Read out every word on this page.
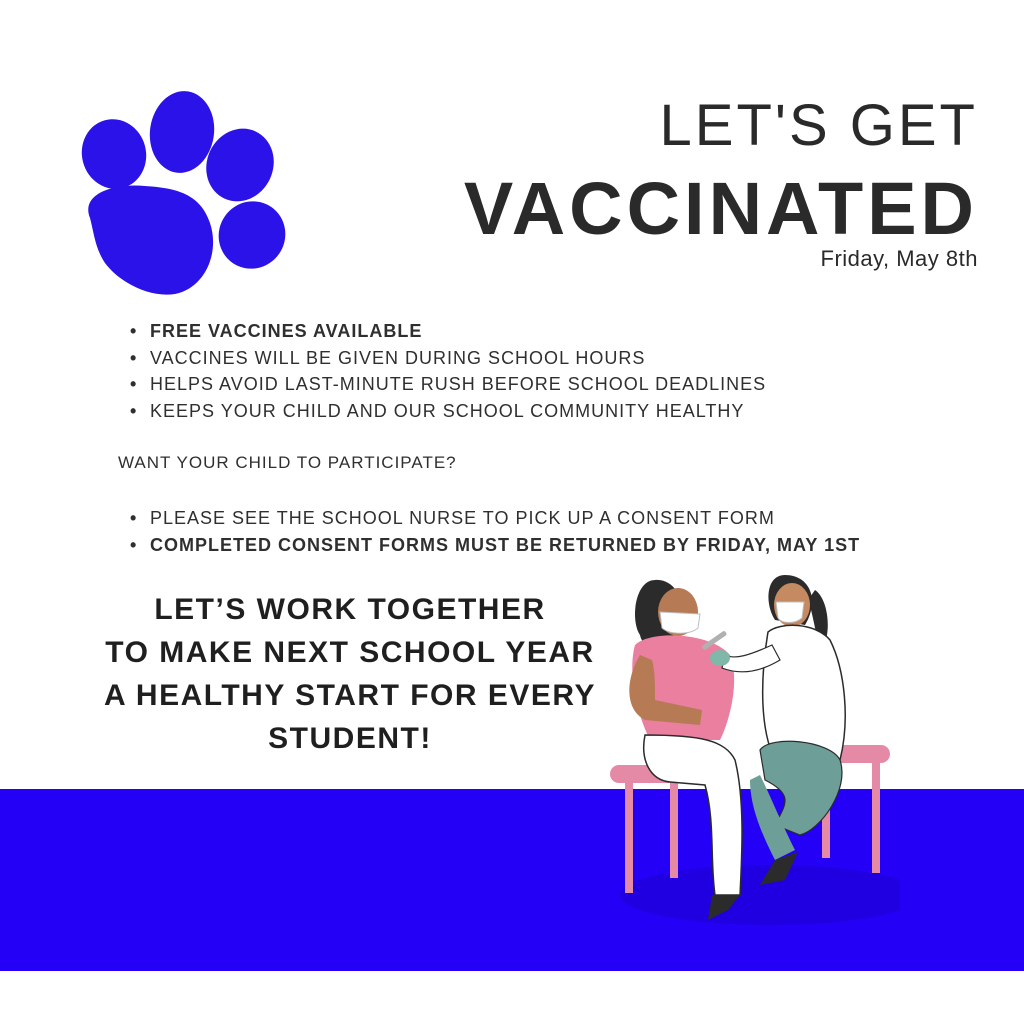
LET'S GET
VACCINATED
Friday, May 8th
• FREE VACCINES AVAILABLE
• VACCINES WILL BE GIVEN DURING SCHOOL HOURS
• HELPS AVOID LAST-MINUTE RUSH BEFORE SCHOOL DEADLINES
• KEEPS YOUR CHILD AND OUR SCHOOL COMMUNITY HEALTHY
WANT YOUR CHILD TO PARTICIPATE?
• PLEASE SEE THE SCHOOL NURSE TO PICK UP A CONSENT FORM
• COMPLETED CONSENT FORMS MUST BE RETURNED BY FRIDAY, MAY 1ST
LET’S WORK TOGETHER
TO MAKE NEXT SCHOOL YEAR
A HEALTHY START FOR EVERY
STUDENT!
